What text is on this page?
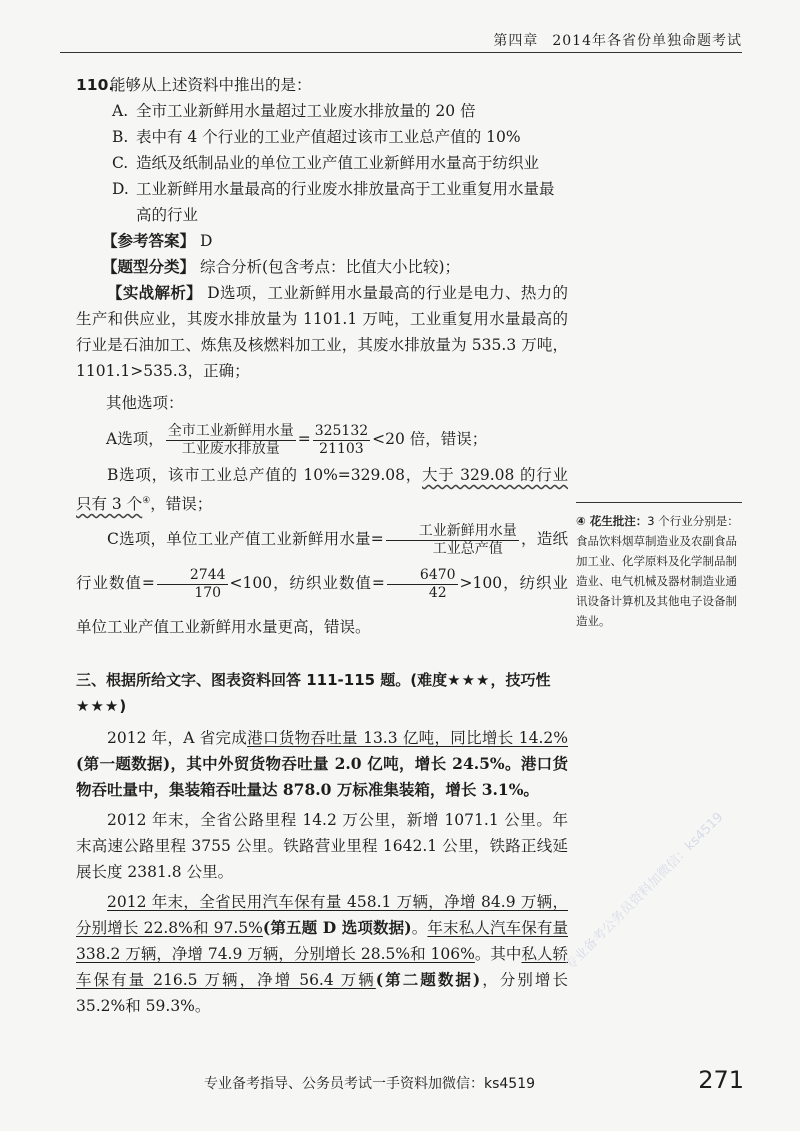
第四章 2014年各省份单独命题考试
110.
能够从上述资料中推出的是：
A. 全市工业新鲜用水量超过工业废水排放量的 20 倍
B. 表中有 4 个行业的工业产值超过该市工业总产值的 10%
C. 造纸及纸制品业的单位工业产值工业新鲜用水量高于纺织业
D. 工业新鲜用水量最高的行业废水排放量高于工业重复用水量最高的行业
【参考答案】 D
【题型分类】 综合分析(包含考点：比值大小比较)；
【实战解析】 D选项，工业新鲜用水量最高的行业是电力、热力的生产和供应业，其废水排放量为 1101.1 万吨，工业重复用水量最高的行业是石油加工、炼焦及核燃料加工业，其废水排放量为 535.3 万吨，1101.1>535.3，正确；
其他选项：
A选项， $\frac{\text{全市工业新鲜用水量}}{\text{工业废水排放量}} = \frac{325132}{21103} <20$ 倍，错误；
B选项，该市工业总产值的 10%=329.08，大于 329.08 的行业只有 3 个④，错误；
C选项，单位工业产值工业新鲜用水量= $\frac{\text{工业新鲜用水量}}{\text{工业总产值}}$ ，造纸行业数值= $\frac{2744}{170} <100$，纺织业数值= $\frac{6470}{42} >100$，纺织业单位工业产值工业新鲜用水量更高，错误。
三、根据所给文字、图表资料回答 111-115 题。(难度★★★，技巧性★★★)
2012 年，A 省完成港口货物吞吐量 13.3 亿吨，同比增长 14.2%(第一题数据)，其中外贸货物吞吐量 2.0 亿吨，增长 24.5%。港口货物吞吐量中，集装箱吞吐量达 878.0 万标准集装箱，增长 3.1%。
2012 年末，全省公路里程 14.2 万公里，新增 1071.1 公里。年末高速公路里程 3755 公里。铁路营业里程 1642.1 公里，铁路正线延展长度 2381.8 公里。
2012 年末，全省民用汽车保有量 458.1 万辆，净增 84.9 万辆，分别增长 22.8%和 97.5%(第五题 D 选项数据)。年末私人汽车保有量 338.2 万辆，净增 74.9 万辆，分别增长 28.5%和 106%。其中私人轿车保有量 216.5 万辆，净增 56.4 万辆(第二题数据)，分别增长 35.2%和 59.3%。
④ 花生批注：3 个行业分别是：食品饮料烟草制造业及农副食品加工业、化学原料及化学制品制造业、电气机械及器材制造业通讯设备计算机及其他电子设备制造业。
专业备考公务员资料加微信：ks4519
专业备考指导、公务员考试一手资料加微信：ks4519	271
